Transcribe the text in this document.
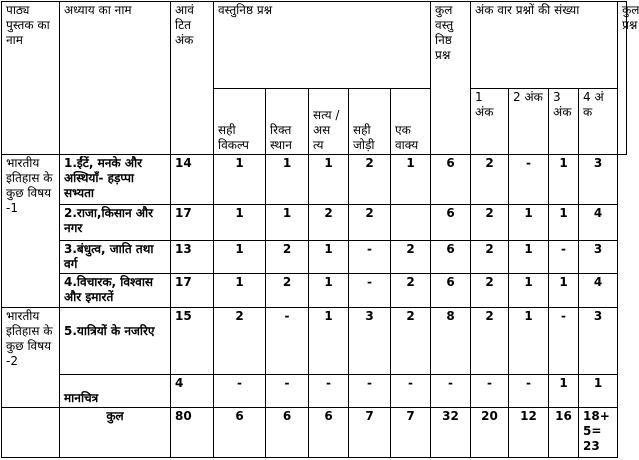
पाठ्य पुस्तक का नाम	अध्याय का नाम	आवं टित अंक	वस्तुनिष्ठ प्रश्न					कुल वस्तु निष्ठ प्रश्न	अंक वार प्रश्नों की संख्या				कुल प्रश्न
			सही विकल्प	रिक्त स्थान	सत्य / अस त्य	सही जोड़ी	एक वाक्य		1 अंक	2 अंक	3 अंक	4 अं क	
भारतीय इतिहास के कुछ विषय -1	1.ईंटें, मनके और अस्थियाँ- हड़प्पा सभ्यता	14	1	1	1	2	1	6	2	-	1	3	
	2.राजा,किसान और नगर	17	1	1	2	2		6	2	1	1	4	
	3.बंधुत्व, जाति तथा वर्ग	13	1	2	1	-	2	6	2	1	-	3	
	4.विचारक, विश्वास और इमारतें	17	1	2	1	-	2	6	2	1	1	4	
भारतीय इतिहास के कुछ विषय -2	5.यात्रियों के नजरिए	15	2	-	1	3	2	8	2	1	-	3	
	मानचित्र	4	-	-	-	-	-	-	-	-	1	1	
	कुल	80	6	6	6	7	7	32	20	12	16	18+ 5= 23	
